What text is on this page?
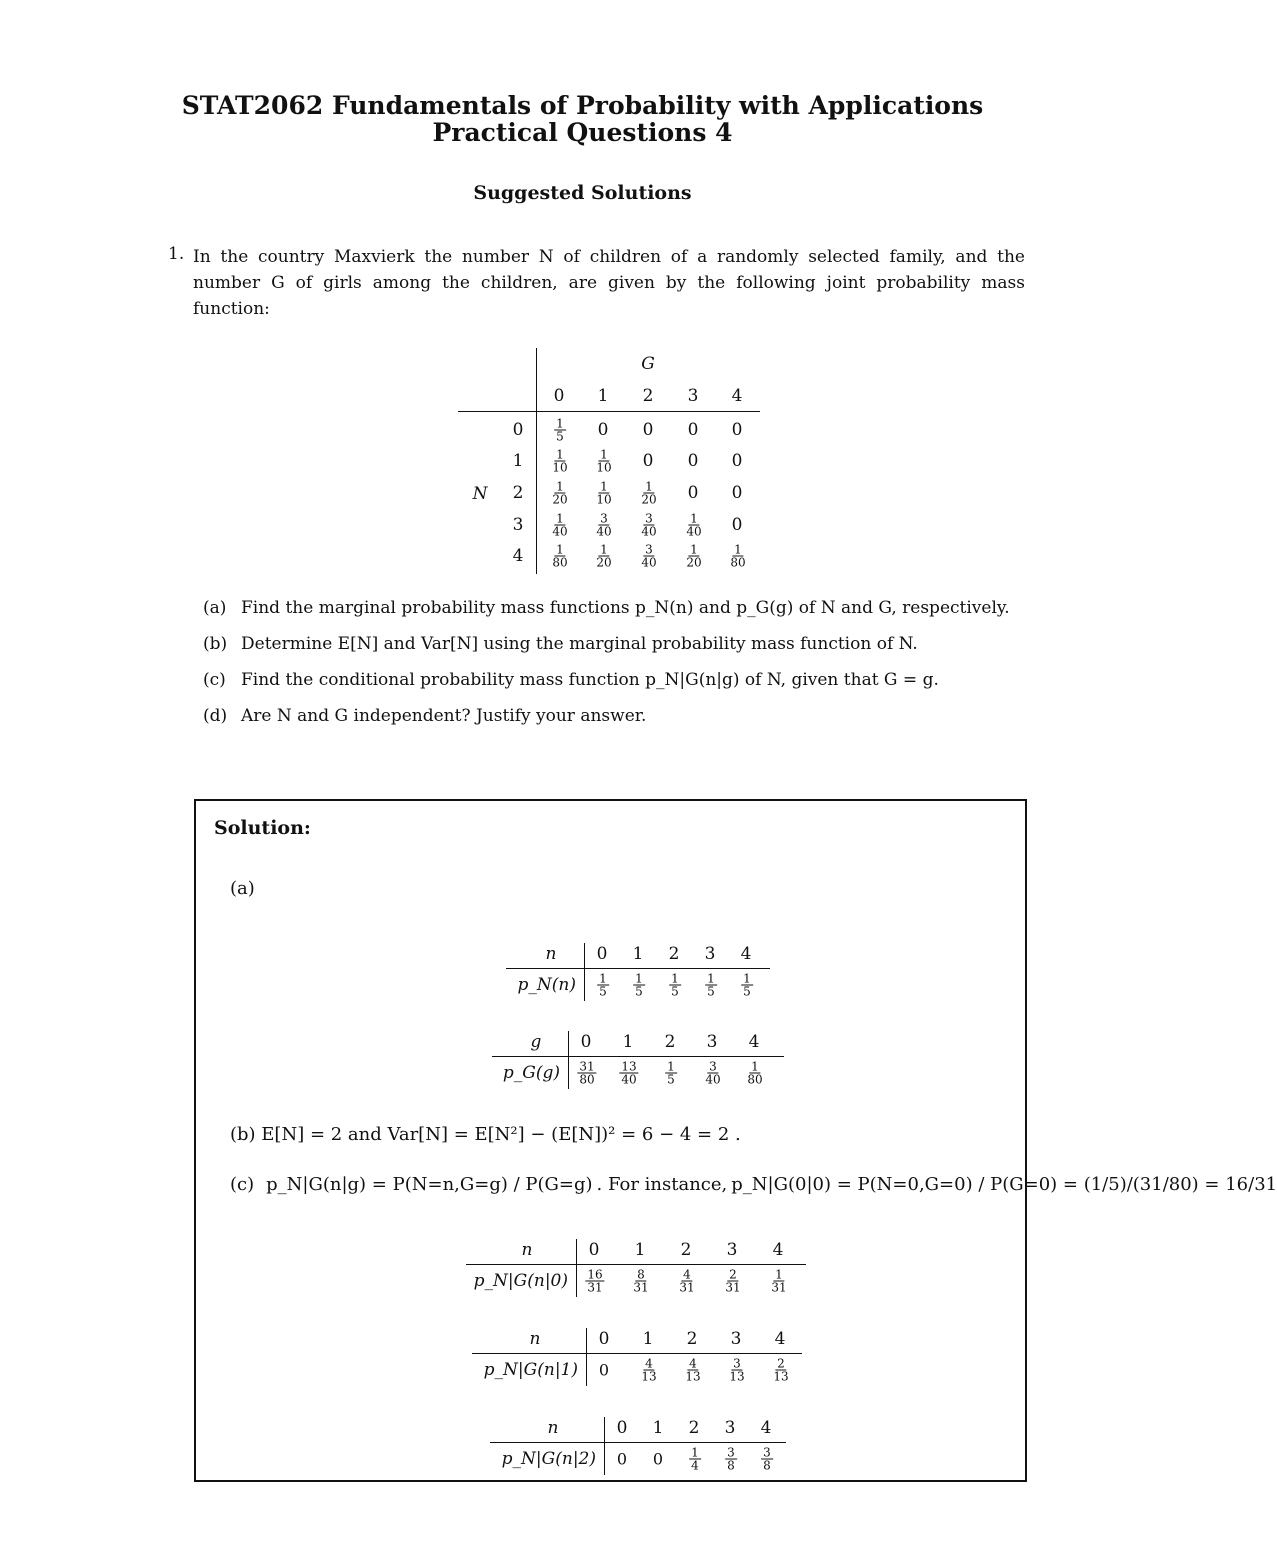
STAT2062 Fundamentals of Probability with Applications
Practical Questions 4
Suggested Solutions
1. In the country Maxvierk the number N of children of a randomly selected family, and the number G of girls among the children, are given by the following joint probability mass function:
G
N
0 1 2 3 4
0	$\frac{1}{5} 0$ 0 0 0
$1 \frac{1}{10} \frac{1}{10} 0$ 0 0
$2 \frac{1}{20} \frac{1}{10} \frac{1}{20} 0$ 0
$3 \frac{1}{40} \frac{3}{40} \frac{3}{40} \frac{1}{40} 0$
$4 \frac{1}{80} \frac{1}{20} \frac{3}{40} \frac{1}{20} \frac{1}{80}$
(a) Find the marginal probability mass functions p_N(n) and p_G(g) of N and G, respectively.
(b) Determine E[N] and Var[N] using the marginal probability mass function of N.
(c) Find the conditional probability mass function p_N|G(n|g) of N, given that G = g.
(d) Are N and G independent? Justify your answer.
Solution:
(a)
n
p_N(n)
0
$\frac{1}{5}$
1
$\frac{1}{5}$
2
$\frac{1}{5}$
3
$\frac{1}{5}$
4
$\frac{1}{5}$
g
p_G(g)
0
$\frac{31}{80}$
1
$\frac{13}{40}$
2
$\frac{1}{5}$
3
$\frac{3}{40}$
4
$\frac{1}{80}$
(b) E[N] = 2 and Var[N] = E[N²] − (E[N])² = 6 − 4 = 2 .
(c) p_N|G(n|g) = P(N=n,G=g) / P(G=g) . For instance, p_N|G(0|0) = P(N=0,G=0) / P(G=0) = (1/5)/(31/80) = 16/31
n
p_N|G(n|0)
0
$\frac{16}{31}$
1
$\frac{8}{31}$
2
$\frac{4}{31}$
3
$\frac{2}{31}$
4
$\frac{1}{31}$
n
p_N|G(n|1)
0
0
1
$\frac{4}{13}$
2
$\frac{4}{13}$
3
$\frac{3}{13}$
4
$\frac{2}{13}$
n
p_N|G(n|2)
0
0
1
0
2
$\frac{1}{4}$
3
$\frac{3}{8}$
4
$\frac{3}{8}$
